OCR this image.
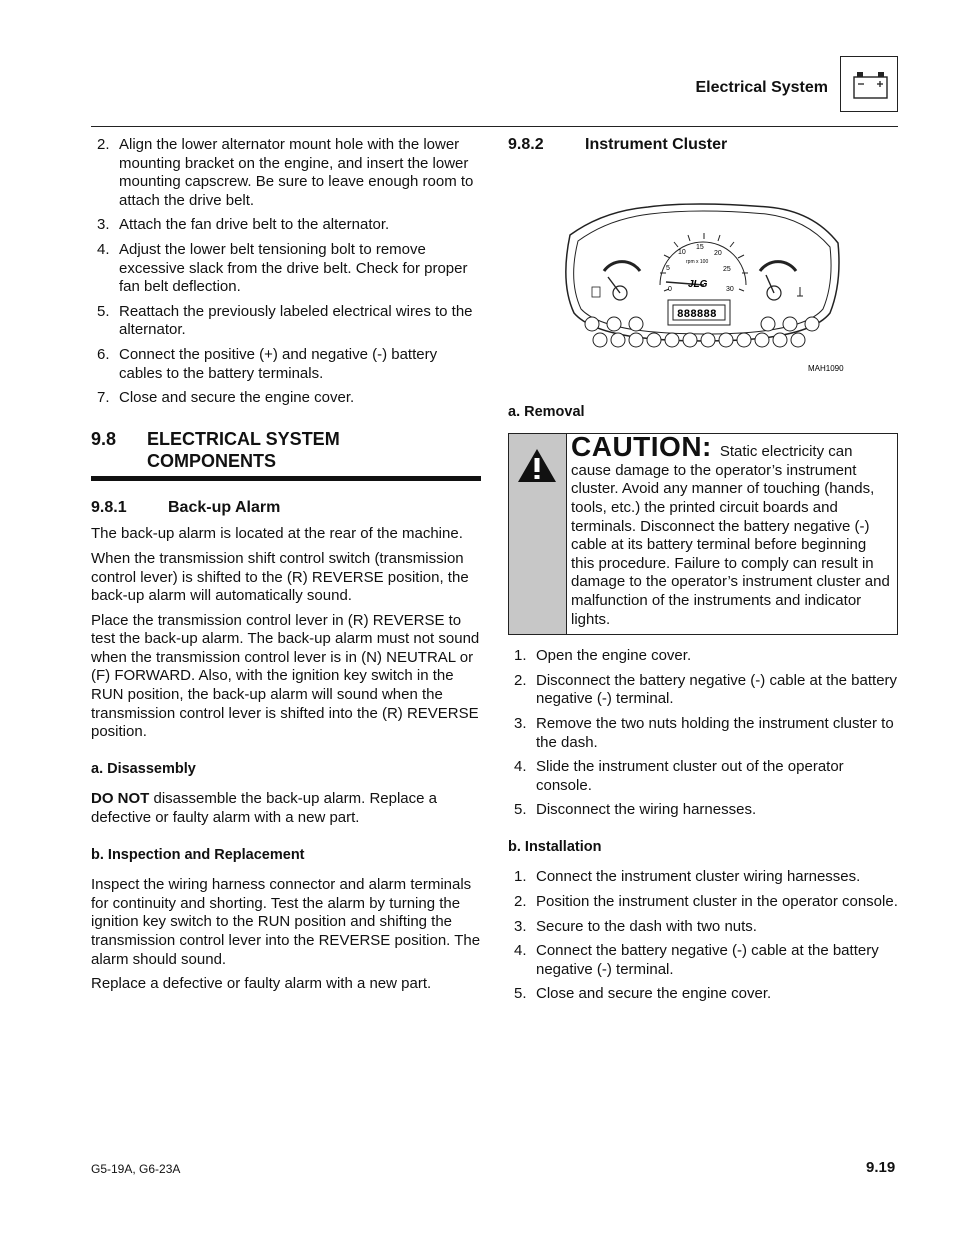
Electrical System
2. Align the lower alternator mount hole with the lower mounting bracket on the engine, and insert the lower mounting capscrew. Be sure to leave enough room to attach the drive belt.
3. Attach the fan drive belt to the alternator.
4. Adjust the lower belt tensioning bolt to remove excessive slack from the drive belt. Check for proper fan belt deflection.
5. Reattach the previously labeled electrical wires to the alternator.
6. Connect the positive (+) and negative (-) battery cables to the battery terminals.
7. Close and secure the engine cover.
9.8	ELECTRICAL SYSTEM COMPONENTS
9.8.1	Back-up Alarm

The back-up alarm is located at the rear of the machine.

When the transmission shift control switch (transmission control lever) is shifted to the (R) REVERSE position, the back-up alarm will automatically sound.

Place the transmission control lever in (R) REVERSE to test the back-up alarm. The back-up alarm must not sound when the transmission control lever is in (N) NEUTRAL or (F) FORWARD. Also, with the ignition key switch in the RUN position, the back-up alarm will sound when the transmission control lever is shifted into the (R) REVERSE position.

a. Disassembly

DO NOT disassemble the back-up alarm. Replace a defective or faulty alarm with a new part.

b. Inspection and Replacement

Inspect the wiring harness connector and alarm terminals for continuity and shorting. Test the alarm by turning the ignition key switch to the RUN position and shifting the transmission control lever into the REVERSE position. The alarm should sound.

Replace a defective or faulty alarm with a new part.

9.8.2	Instrument Cluster
0
5
10
15
20
25
30
rpm x 100
JLG
888888
MAH1090
a. Removal
CAUTION: Static electricity can cause damage to the operator’s instrument cluster. Avoid any manner of touching (hands, tools, etc.) the printed circuit boards and terminals. Disconnect the battery negative (-) cable at its battery terminal before beginning this procedure. Failure to comply can result in damage to the operator’s instrument cluster and malfunction of the instruments and indicator lights.
1. Open the engine cover.
2. Disconnect the battery negative (-) cable at the battery negative (-) terminal.
3. Remove the two nuts holding the instrument cluster to the dash.
4. Slide the instrument cluster out of the operator console.
5. Disconnect the wiring harnesses.
b. Installation
1. Connect the instrument cluster wiring harnesses.
2. Position the instrument cluster in the operator console.
3. Secure to the dash with two nuts.
4. Connect the battery negative (-) cable at the battery negative (-) terminal.
5. Close and secure the engine cover.
G5-19A, G6-23A	9.19
